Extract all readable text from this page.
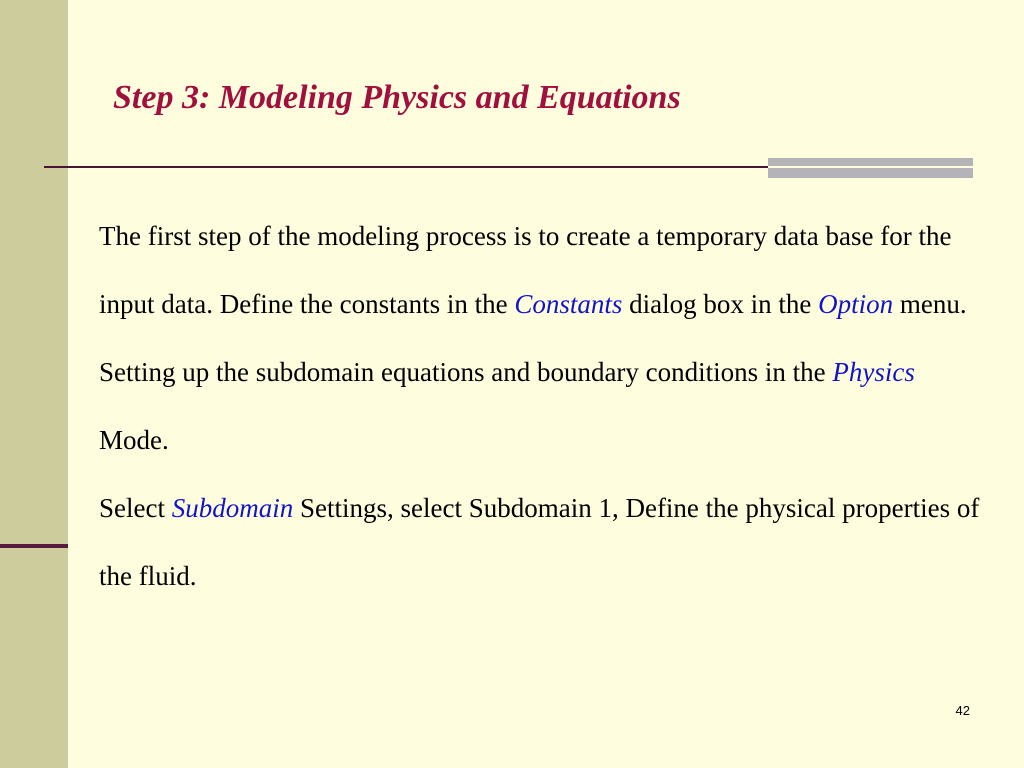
Step 3: Modeling Physics and Equations

The first step of the modeling process is to create a temporary data base for the input data. Define the constants in the Constants dialog box in the Option menu.

Setting up the subdomain equations and boundary conditions in the Physics Mode.

Select Subdomain Settings, select Subdomain 1, Define the physical properties of the fluid.

42
